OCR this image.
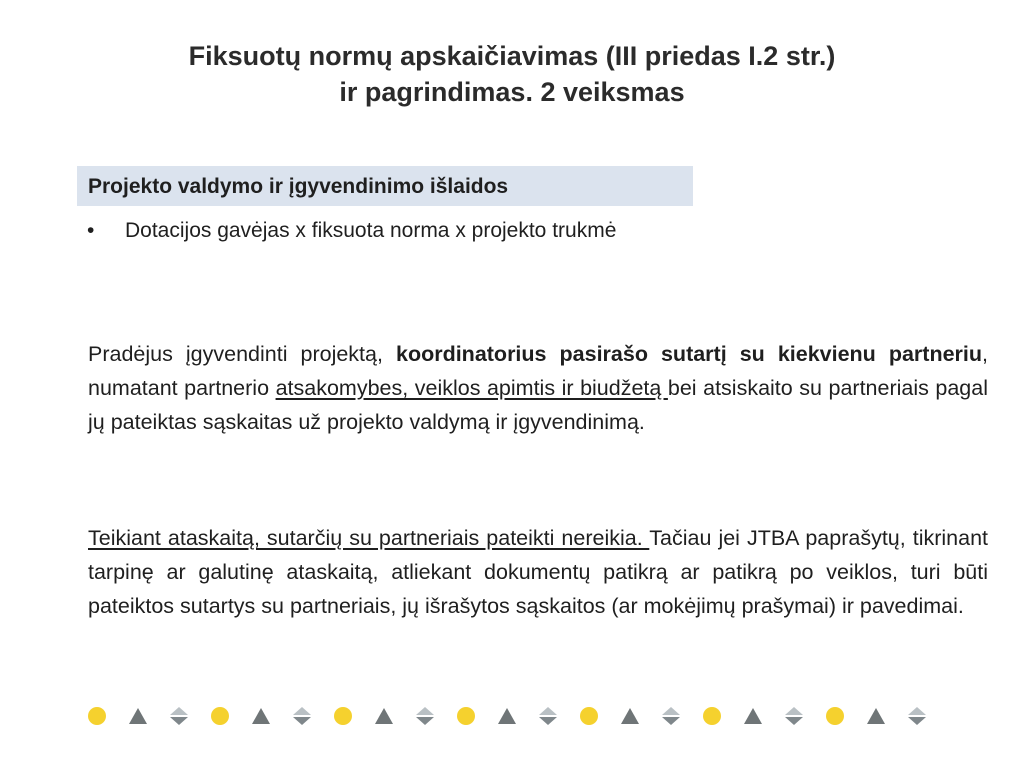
Fiksuotų normų apskaičiavimas (III priedas I.2 str.)
ir pagrindimas. 2 veiksmas
Projekto valdymo ir įgyvendinimo išlaidos
•	Dotacijos gavėjas x fiksuota norma x projekto trukmė

Pradėjus įgyvendinti projektą, koordinatorius pasirašo sutartį su kiekvienu partneriu, numatant partnerio atsakomybes, veiklos apimtis ir biudžetą bei atsiskaito su partneriais pagal jų pateiktas sąskaitas už projekto valdymą ir įgyvendinimą.

Teikiant ataskaitą, sutarčių su partneriais pateikti nereikia. Tačiau jei JTBA paprašytų, tikrinant tarpinę ar galutinę ataskaitą, atliekant dokumentų patikrą ar patikrą po veiklos, turi būti pateiktos sutartys su partneriais, jų išrašytos sąskaitos (ar mokėjimų prašymai) ir pavedimai.
